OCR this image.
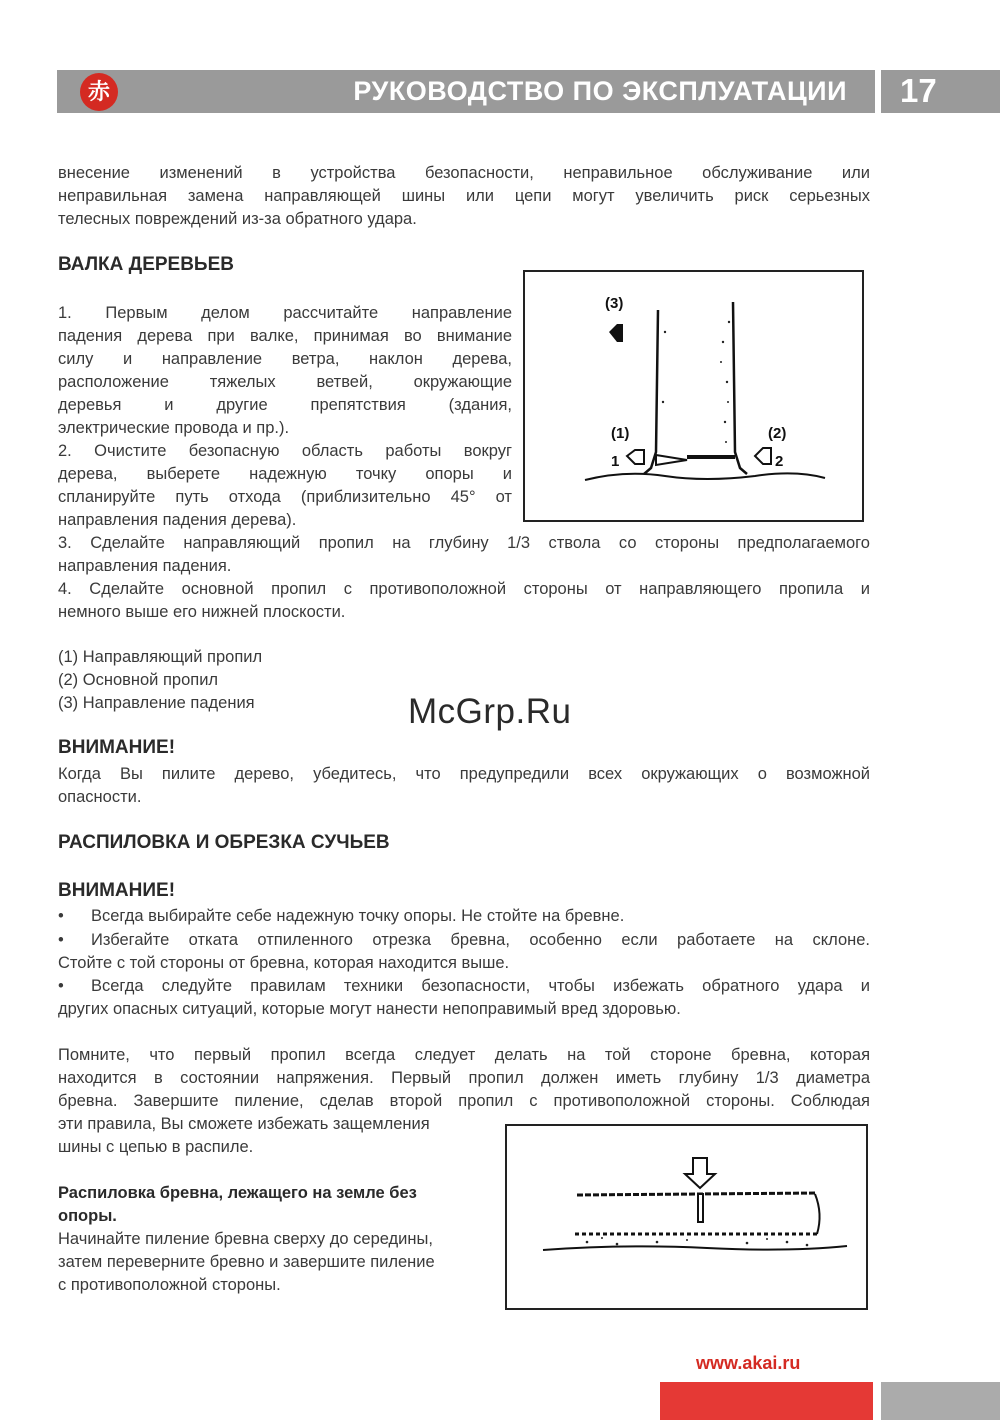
赤	РУКОВОДСТВО ПО ЭКСПЛУАТАЦИИ 17

внесение изменений в устройства безопасности, неправильное обслуживание или

неправильная замена направляющей шины или цепи могут увеличить риск серьезных

телесных повреждений из-за обратного удара.

ВАЛКА ДЕРЕВЬЕВ

1. Первым делом рассчитайте направление

падения дерева при валке, принимая во внимание

силу и направление ветра, наклон дерева,

расположение тяжелых ветвей, окружающие

деревья и другие препятствия (здания,

электрические провода и пр.).

2. Очистите безопасную область работы вокруг

дерева, выберете надежную точку опоры и

спланируйте путь отхода (приблизительно 45° от

направления падения дерева).

(3)
(1)
1
(2)
2

3. Сделайте направляющий пропил на глубину 1/3 ствола со стороны предполагаемого

направления падения.

4. Сделайте основной пропил с противоположной стороны от направляющего пропила и

немного выше его нижней плоскости.

(1) Направляющий пропил

(2) Основной пропил

(3) Направление падения	McGrp.Ru

ВНИМАНИЕ!

Когда Вы пилите дерево, убедитесь, что предупредили всех окружающих о возможной

опасности.

РАСПИЛОВКА И ОБРЕЗКА СУЧЬЕВ

ВНИМАНИЕ!

• Всегда выбирайте себе надежную точку опоры. Не стойте на бревне.

• Избегайте отката отпиленного отрезка бревна, особенно если работаете на склоне.

Стойте с той стороны от бревна, которая находится выше.

• Всегда следуйте правилам техники безопасности, чтобы избежать обратного удара и

других опасных ситуаций, которые могут нанести непоправимый вред здоровью.

Помните, что первый пропил всегда следует делать на той стороне бревна, которая

находится в состоянии напряжения. Первый пропил должен иметь глубину 1/3 диаметра

бревна. Завершите пиление, сделав второй пропил с противоположной стороны. Соблюдая

эти правила, Вы сможете избежать защемления

шины с цепью в распиле.

Распиловка бревна, лежащего на земле без

опоры.

Начинайте пиление бревна сверху до середины,

затем переверните бревно и завершите пиление

с противоположной стороны.

www.akai.ru
